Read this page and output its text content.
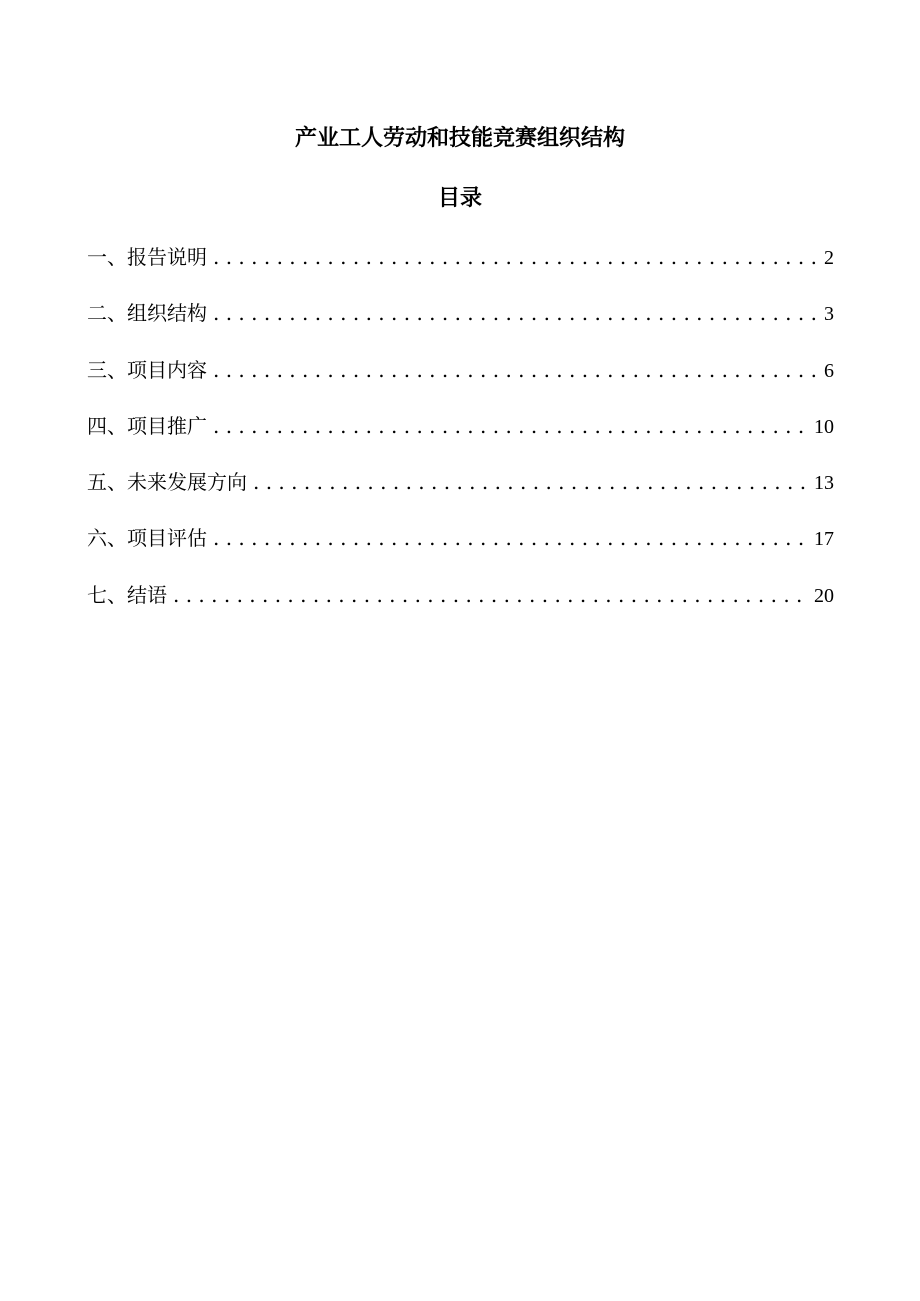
产业工人劳动和技能竞赛组织结构
目录
一、报告说明 . . .	2
二、组织结构 . . .	3
三、项目内容 . . .	6
四、项目推广 . . .	10
五、未来发展方向 . . .	13
六、项目评估 . . .	17
七、结语 . . .	20
